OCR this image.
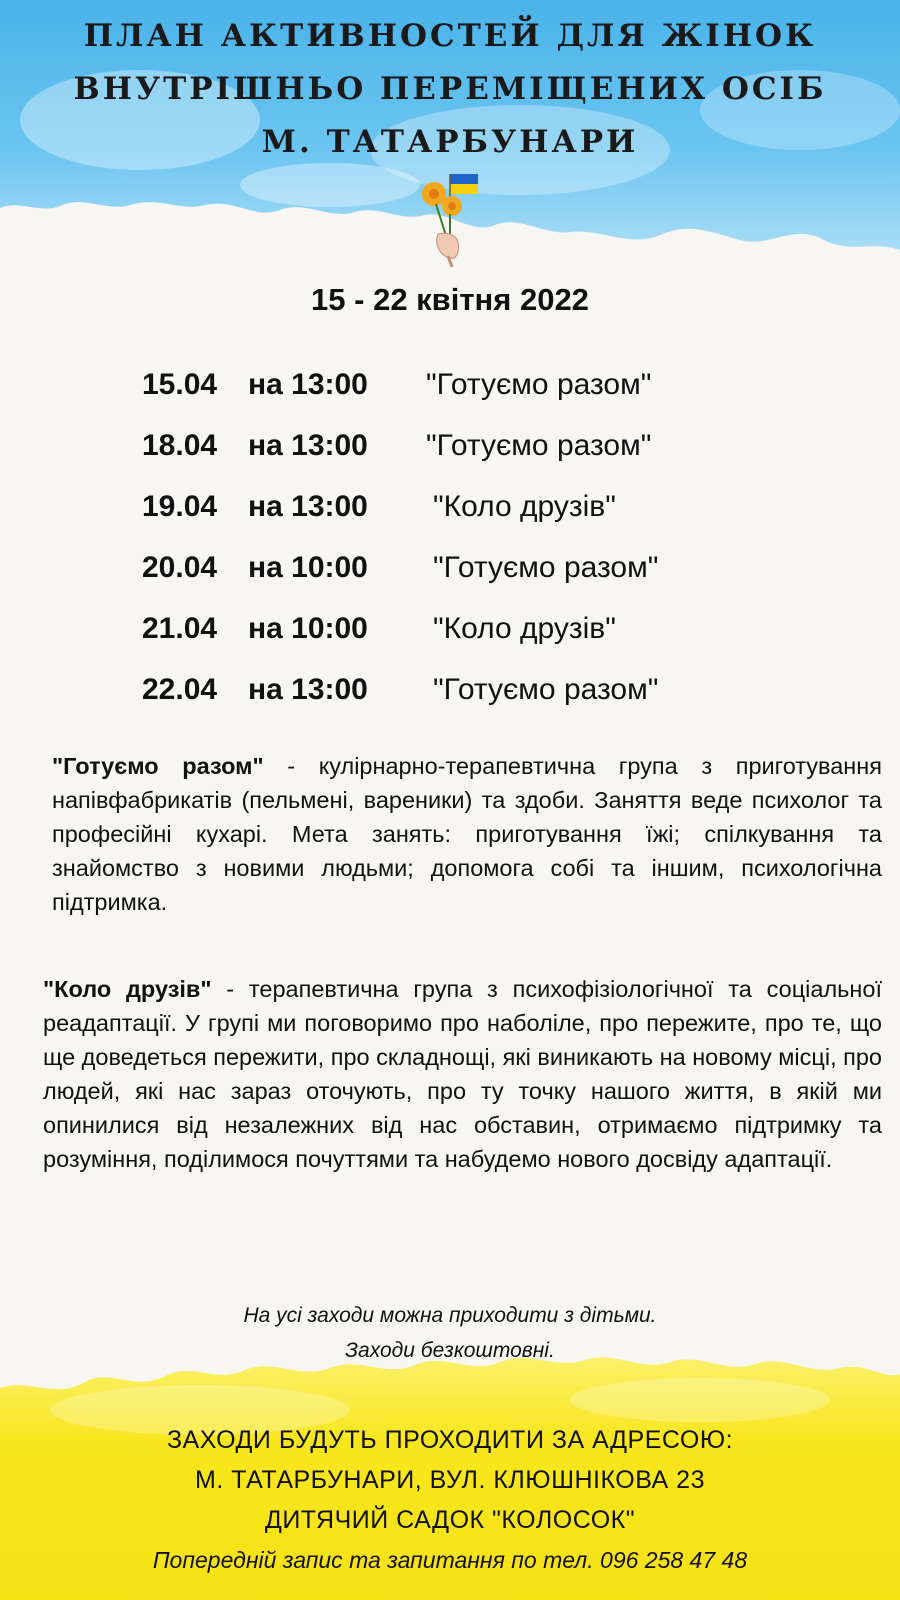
ПЛАН АКТИВНОСТЕЙ ДЛЯ ЖІНОК
ВНУТРІШНЬО ПЕРЕМІЩЕНИХ ОСІБ
М. ТАТАРБУНАРИ
15 - 22 квітня 2022
15.04 на 13:00 "Готуємо разом"
18.04 на 13:00 "Готуємо разом"
19.04 на 13:00 "Коло друзів"
20.04 на 10:00 "Готуємо разом"
21.04 на 10:00 "Коло друзів"
22.04 на 13:00 "Готуємо разом"
"Готуємо разом" - кулірнарно-терапевтична група з приготування напівфабрикатів (пельмені, вареники) та здоби. Заняття веде психолог та професійні кухарі. Мета занять: приготування їжі; спілкування та знайомство з новими людьми; допомога собі та іншим, психологічна підтримка.
"Коло друзів" - терапевтична група з психофізіологічної та соціальної реадаптації. У групі ми поговоримо про наболіле, про пережите, про те, що ще доведеться пережити, про складнощі, які виникають на новому місці, про людей, які нас зараз оточують, про ту точку нашого життя, в якій ми опинилися від незалежних від нас обставин, отримаємо підтримку та розуміння, поділимося почуттями та набудемо нового досвіду адаптації.
На усі заходи можна приходити з дітьми.
Заходи безкоштовні.
ЗАХОДИ БУДУТЬ ПРОХОДИТИ ЗА АДРЕСОЮ:
М. ТАТАРБУНАРИ, ВУЛ. КЛЮШНІКОВА 23
ДИТЯЧИЙ САДОК "КОЛОСОК"
Попередній запис та запитання по тел. 096 258 47 48
